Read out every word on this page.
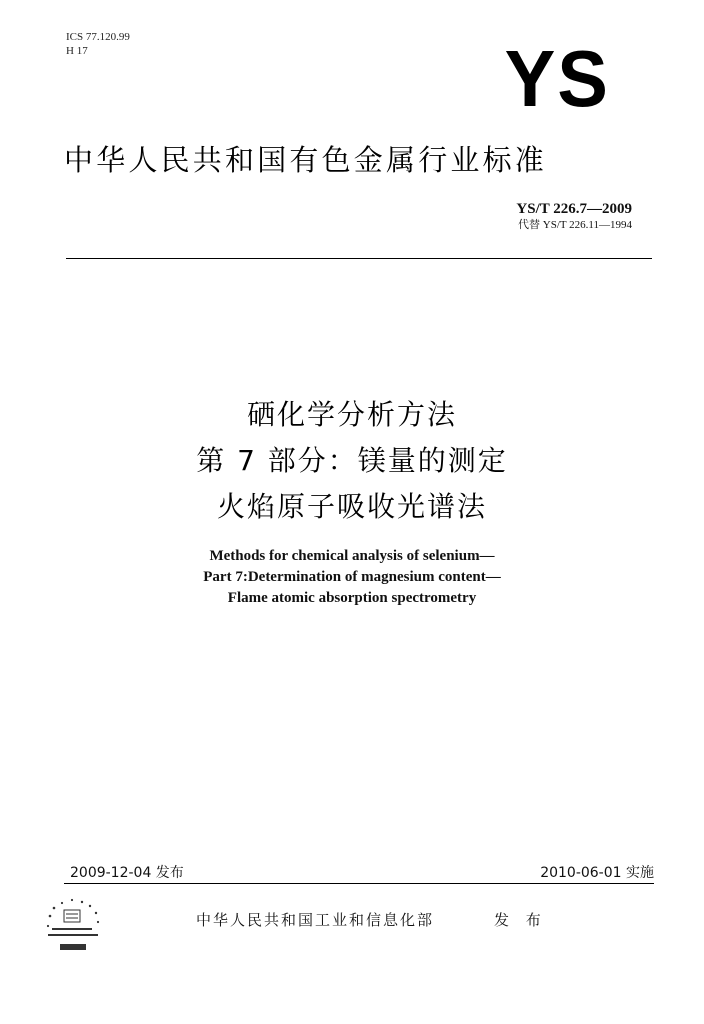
ICS 77.120.99
H 17	YS
中华人民共和国有色金属行业标准
YS/T 226.7—2009
代替 YS/T 226.11—1994
硒化学分析方法
第 7 部分：镁量的测定
火焰原子吸收光谱法
Methods for chemical analysis of selenium—
Part 7:Determination of magnesium content—
Flame atomic absorption spectrometry
2009-12-04 发布	2010-06-01 实施
中华人民共和国工业和信息化部	发 布
